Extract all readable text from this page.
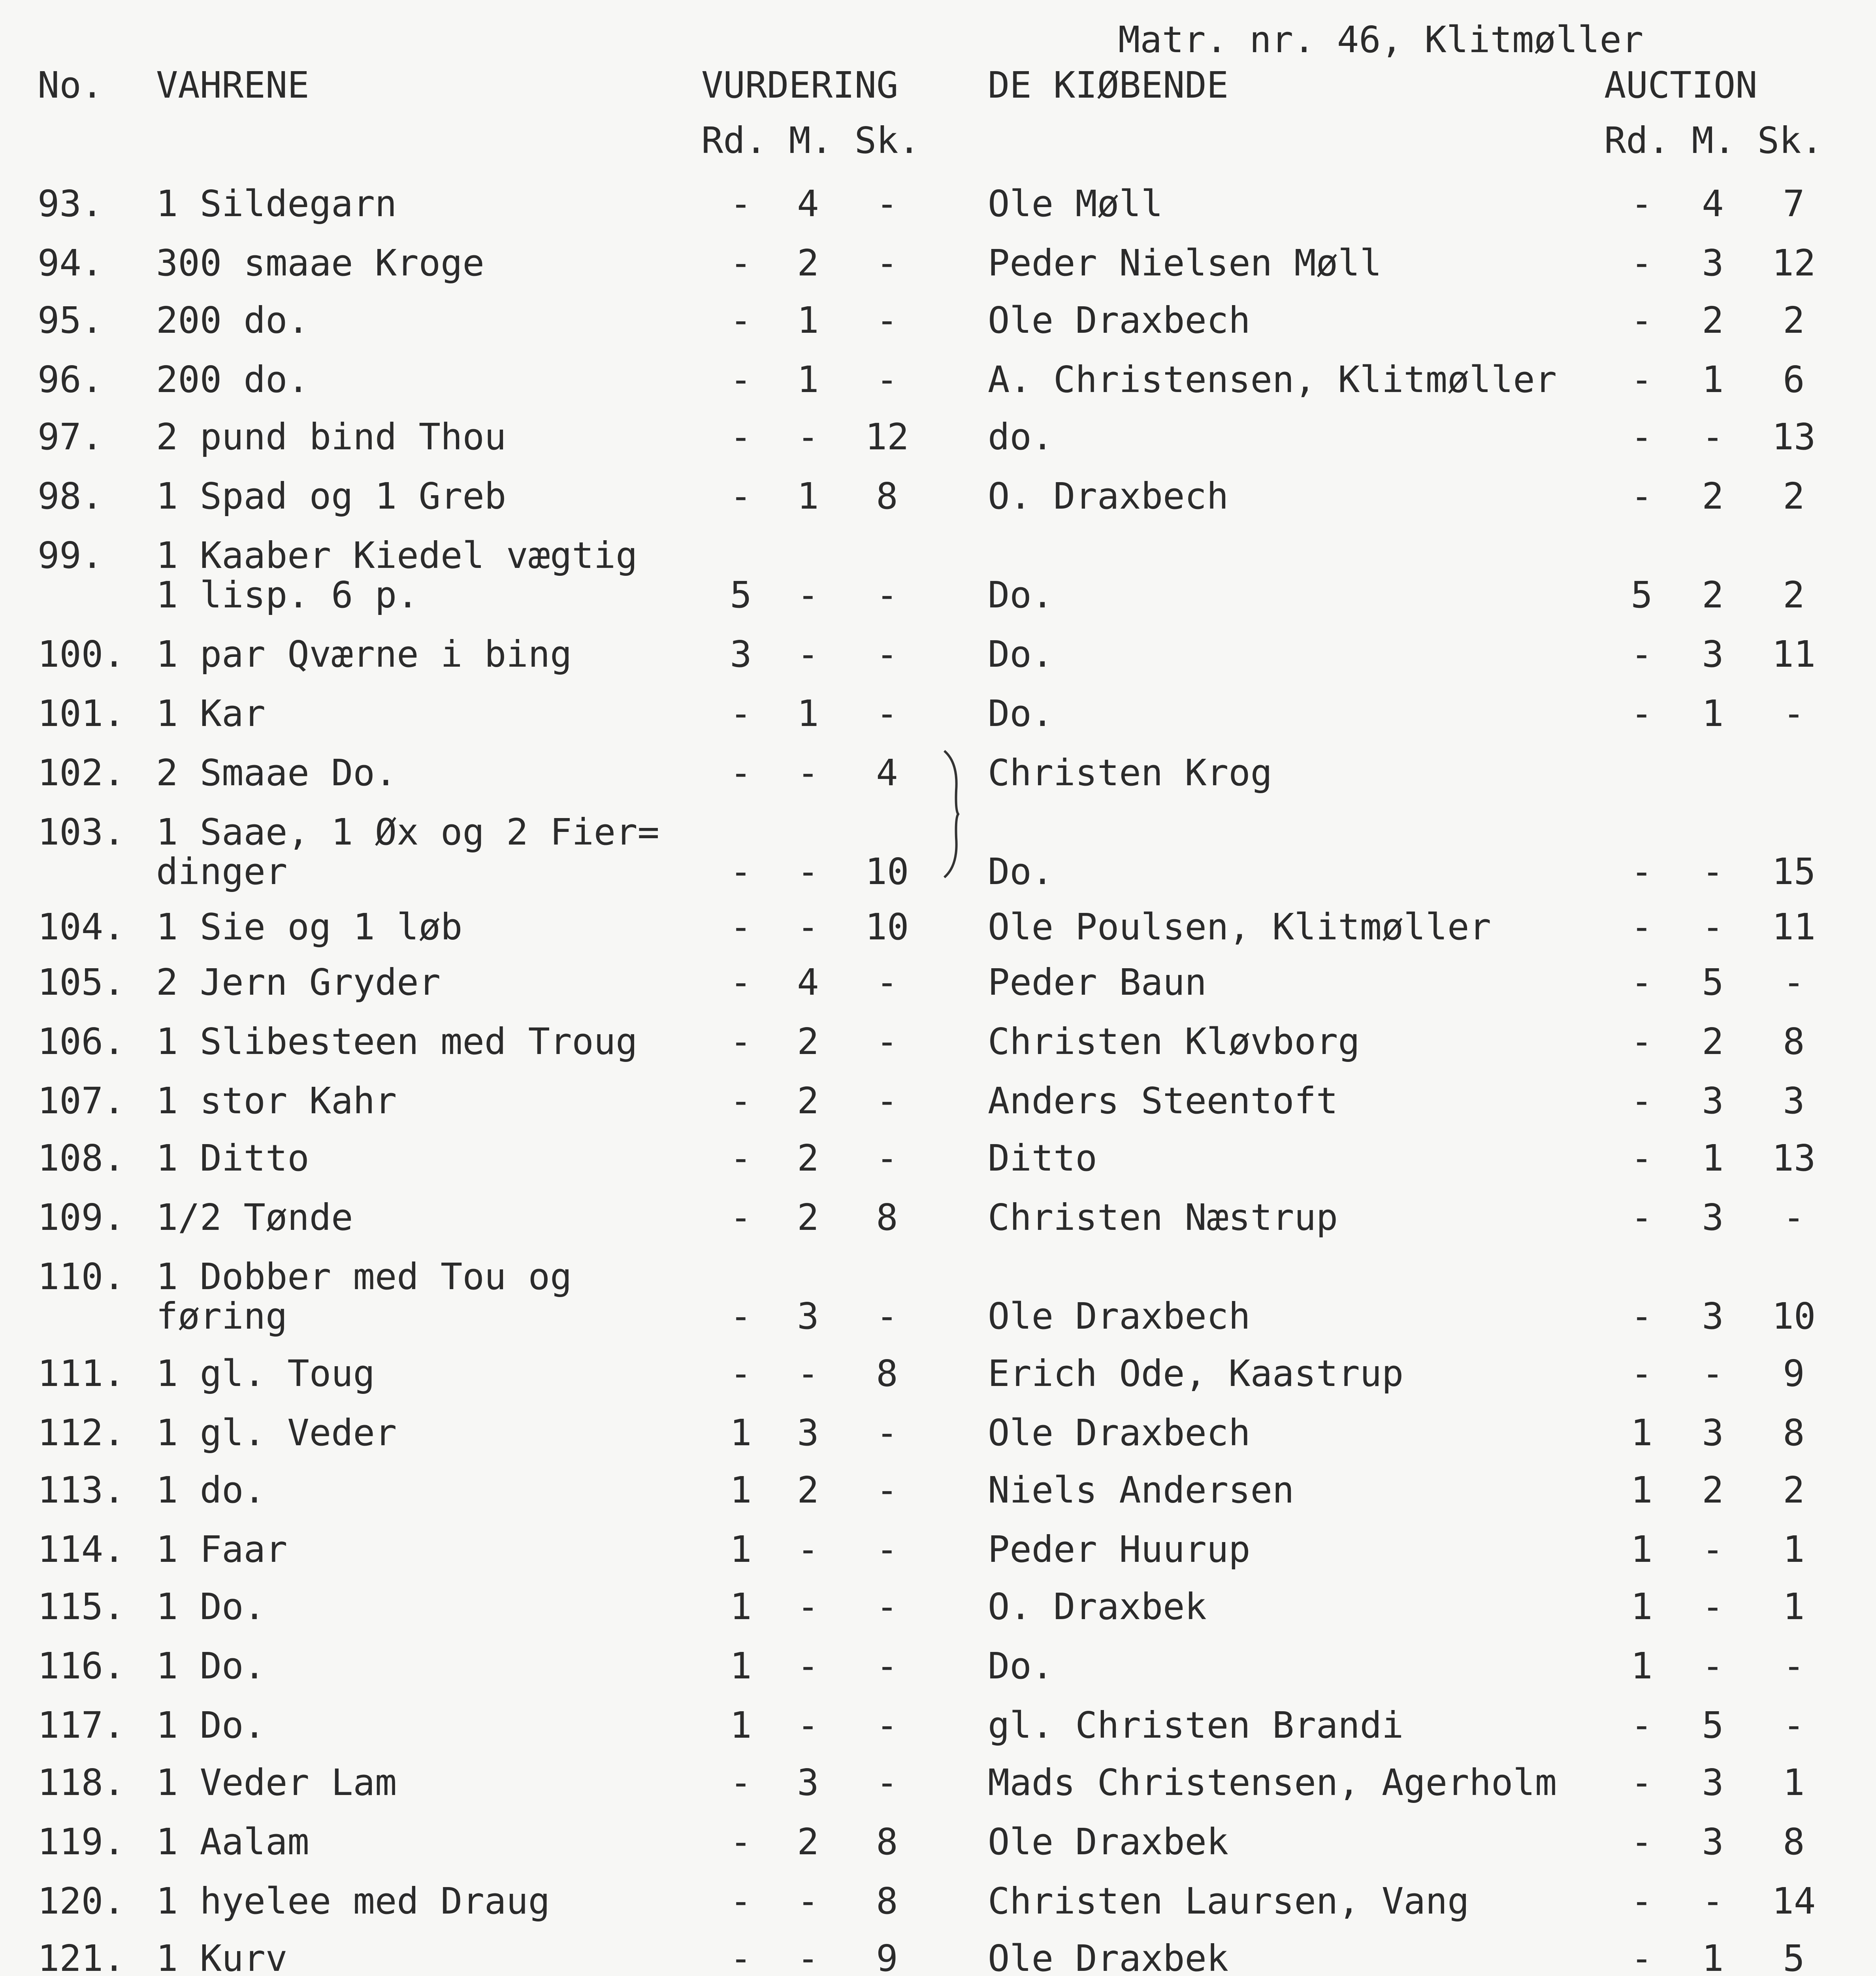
Matr. nr. 46, Klitmøller
No. VAHRENE	VURDERING DE KIØBENDE	AUCTION
Rd. M. Sk.	Rd. M. Sk.
93. 1 Sildegarn	- 4	-	Ole Møll	- 4	7
94. 300 smaae Kroge	- 2	-	Peder Nielsen Møll	- 3 12
95. 200 do.	- 1	-	Ole Draxbech	- 2	2
96. 200 do.	- 1	-	A. Christensen, Klitmøller - 1	6
97. 2 pund bind Thou	- - 12 do.	- - 13
98. 1 Spad og 1 Greb	- 1	8	O. Draxbech	- 2	2
99. 1 Kaaber Kiedel vægtig
1 lisp. 6 p.	5 -	-	Do.	5 2	2
100. 1 par Qværne i bing	3 -	-	Do.	- 3 11
101. 1 Kar	- 1	-	Do.	- 1	-
102. 2 Smaae Do.	- -	4	Christen Krog
103. 1 Saae, 1 Øx og 2 Fier=
dinger	- - 10 Do.	- - 15
104. 1 Sie og 1 løb	- - 10 Ole Poulsen, Klitmøller	- - 11
105. 2 Jern Gryder	- 4	-	Peder Baun	- 5	-
106. 1 Slibesteen med Troug	- 2	-	Christen Kløvborg	- 2	8
107. 1 stor Kahr	- 2	-	Anders Steentoft	- 3	3
108. 1 Ditto	- 2	-	Ditto	- 1 13
109. 1/2 Tønde	- 2	8	Christen Næstrup	- 3	-
110. 1 Dobber med Tou og
føring	- 3	-	Ole Draxbech	- 3 10
111. 1 gl. Toug	- -	8	Erich Ode, Kaastrup	- -	9
112. 1 gl. Veder	1 3	-	Ole Draxbech	1 3	8
113. 1 do.	1 2	-	Niels Andersen	1 2	2
114. 1 Faar	1 -	-	Peder Huurup	1 -	1
115. 1 Do.	1 -	-	O. Draxbek	1 -	1
116. 1 Do.	1 -	-	Do.	1 -	-
117. 1 Do.	1 -	-	gl. Christen Brandi	- 5	-
118. 1 Veder Lam	- 3	-	Mads Christensen, Agerholm - 3	1
119. 1 Aalam	- 2	8	Ole Draxbek	- 3	8
120. 1 hyelee med Draug	- -	8	Christen Laursen, Vang	- - 14
121. 1 Kurv	- -	9	Ole Draxbek	- 1	5
